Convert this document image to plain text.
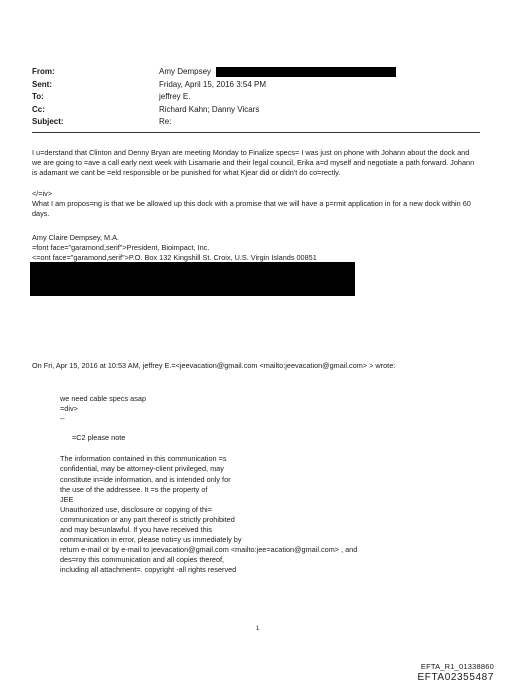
From:	Amy Dempsey
Sent:	Friday, April 15, 2016 3:54 PM
To:	jeffrey E.
Cc:	Richard Kahn; Danny Vicars
Subject:	Re:

I u=derstand that Clinton and Denny Bryan are meeting Monday to Finalize specs= I was just on phone with Johann about the dock and we are going to =ave a call early next week with Lisamarie and their legal council, Erika a=d myself and negotiate a path forward. Johann is adamant we cant be =eld responsible or be punished for what Kjear did or didn't do co=rectly.

</=iv>

What I am propos=ng is that we be allowed up this dock with a promise that we will have a p=rmit application in for a new dock within 60 days.

Amy Claire Dempsey, M.A.

=font face="garamond,serif">President, Bioimpact, Inc.

<=ont face="garamond,serif">P.O. Box 132 Kingshill St. Croix, U.S. Virgin Islands 00851

On Fri, Apr 15, 2016 at 10:53 AM, jeffrey E.=<jeevacation@gmail.com <mailto:jeevacation@gmail.com> > wrote:

we need cable specs asap

=div>

--

=C2 please note

The information contained in this communication =s

confidential, may be attorney-client privileged, may

constitute in=ide information, and is intended only for

the use of the addressee. It =s the property of

JEE

Unauthorized use, disclosure or copying of thi=

communication or any part thereof is strictly prohibited

and may be=unlawful. If you have received this

communication in error, please noti=y us immediately by

return e-mail or by e-mail to jeevacation@gmail.com <mailto:jee=acation@gmail.com> , and

des=roy this communication and all copies thereof,

including all attachment=. copyright -all rights reserved

1
EFTA_R1_01338860
EFTA02355487
